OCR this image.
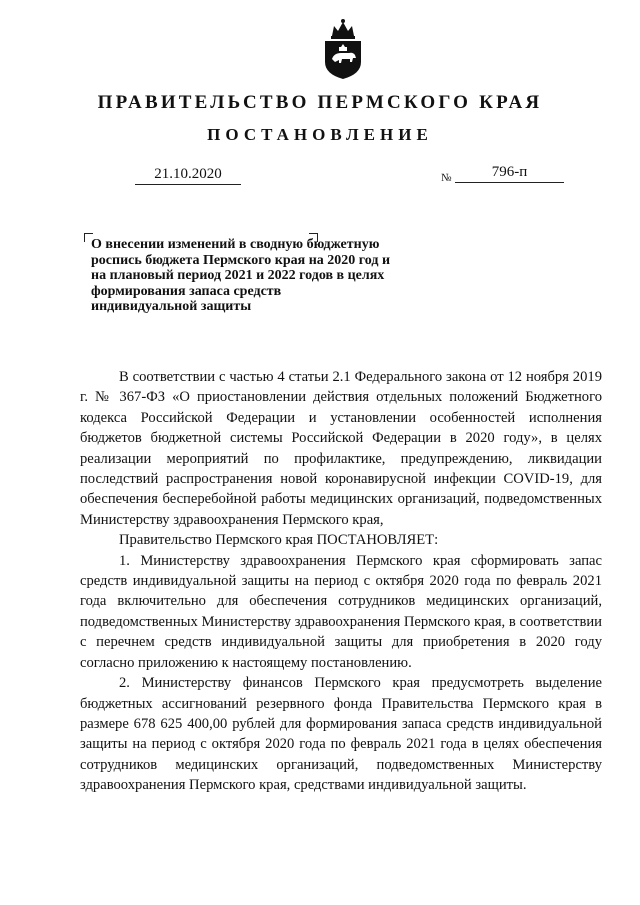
ПРАВИТЕЛЬСТВО ПЕРМСКОГО КРАЯ
ПОСТАНОВЛЕНИЕ
21.10.2020	№	796-п

О внесении изменений в сводную бюджетную роспись бюджета Пермского края на 2020 год и на плановый период 2021 и 2022 годов в целях формирования запаса средств индивидуальной защиты

В соответствии с частью 4 статьи 2.1 Федерального закона от 12 ноября 2019 г. № 367-ФЗ «О приостановлении действия отдельных положений Бюджетного кодекса Российской Федерации и установлении особенностей исполнения бюджетов бюджетной системы Российской Федерации в 2020 году», в целях реализации мероприятий по профилактике, предупреждению, ликвидации последствий распространения новой коронавирусной инфекции COVID-19, для обеспечения бесперебойной работы медицинских организаций, подведомственных Министерству здравоохранения Пермского края,

Правительство Пермского края ПОСТАНОВЛЯЕТ:

1. Министерству здравоохранения Пермского края сформировать запас средств индивидуальной защиты на период с октября 2020 года по февраль 2021 года включительно для обеспечения сотрудников медицинских организаций, подведомственных Министерству здравоохранения Пермского края, в соответствии с перечнем средств индивидуальной защиты для приобретения в 2020 году согласно приложению к настоящему постановлению.

2. Министерству финансов Пермского края предусмотреть выделение бюджетных ассигнований резервного фонда Правительства Пермского края в размере 678 625 400,00 рублей для формирования запаса средств индивидуальной защиты на период с октября 2020 года по февраль 2021 года в целях обеспечения сотрудников медицинских организаций, подведомственных Министерству здравоохранения Пермского края, средствами индивидуальной защиты.
